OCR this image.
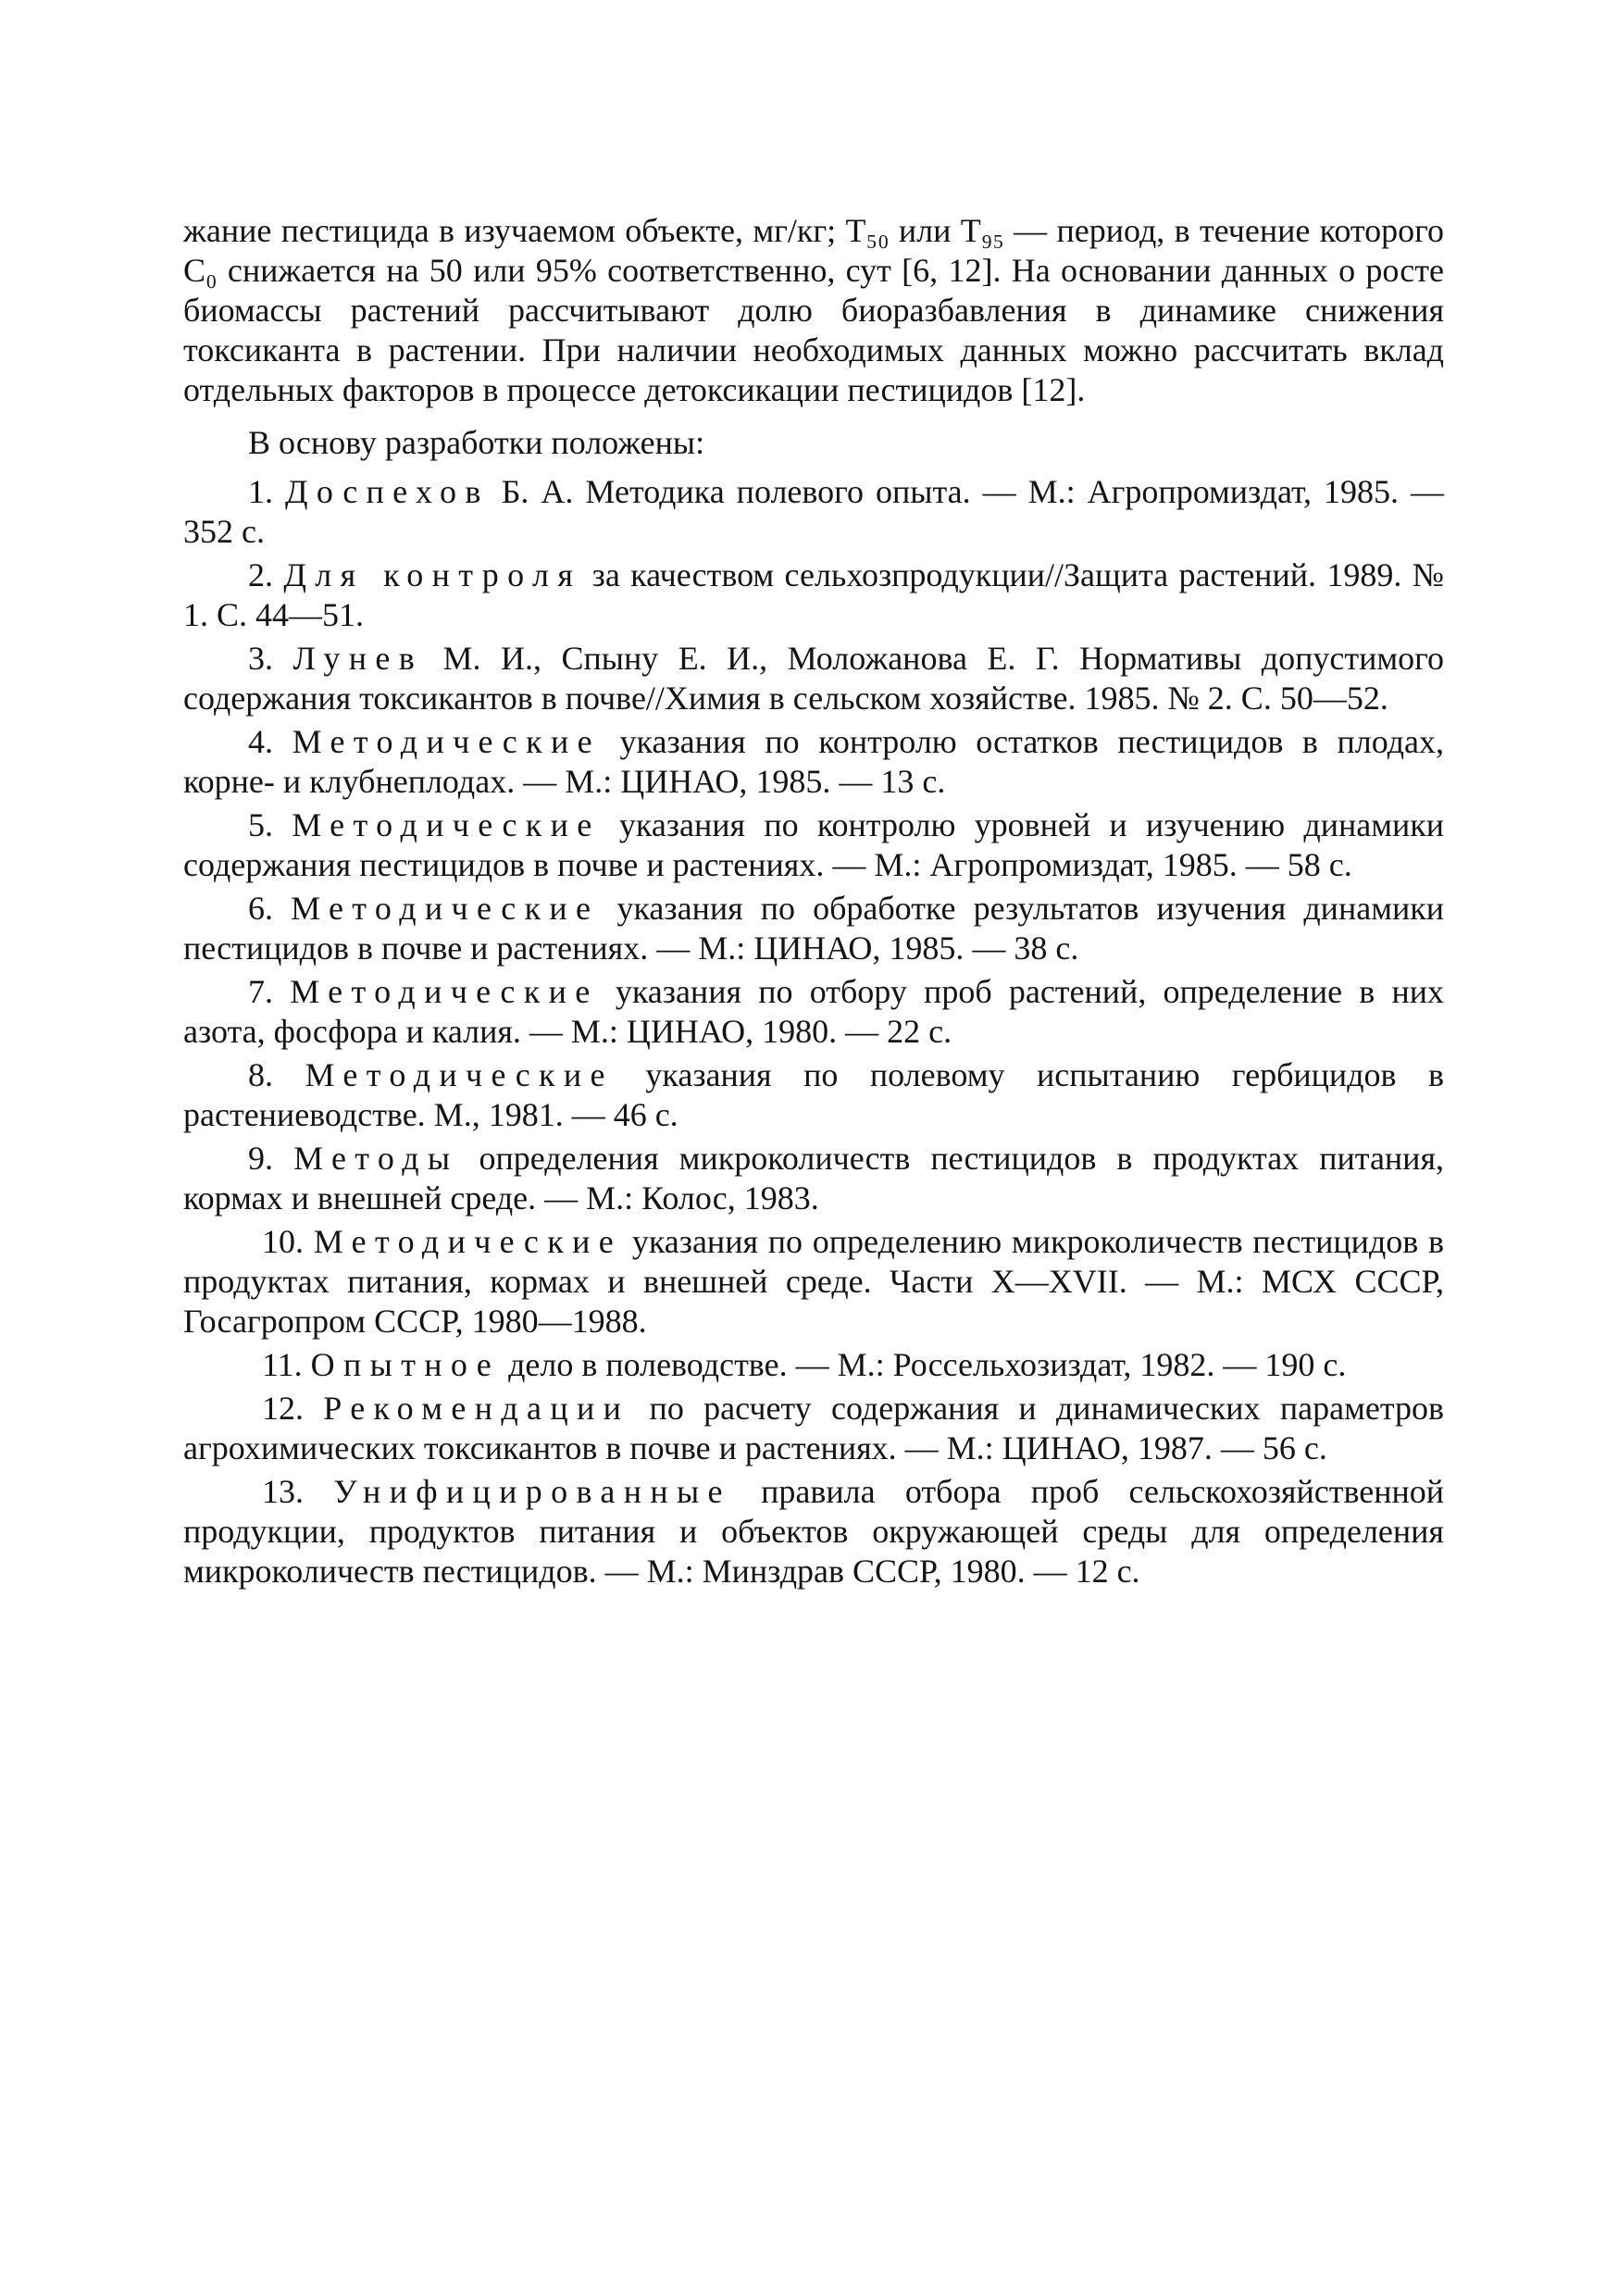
жание пестицида в изучаемом объекте, мг/кг; T₅₀ или T₉₅ — период, в течение которого C₀ снижается на 50 или 95% соответственно, сут [6, 12]. На основании данных о росте биомассы растений рассчитывают долю биоразбавления в динамике снижения токсиканта в растении. При наличии необходимых данных можно рассчитать вклад отдельных факторов в процессе детоксикации пестицидов [12].

В основу разработки положены:

1. Доспехов Б. А. Методика полевого опыта. — М.: Агропромиздат, 1985. — 352 с.

2. Для контроля за качеством сельхозпродукции//Защита растений. 1989. № 1. С. 44—51.

3. Лунев М. И., Спыну Е. И., Моложанова Е. Г. Нормативы допустимого содержания токсикантов в почве//Химия в сельском хозяйстве. 1985. № 2. С. 50—52.

4. Методические указания по контролю остатков пестицидов в плодах, корне- и клубнеплодах. — М.: ЦИНАО, 1985. — 13 с.

5. Методические указания по контролю уровней и изучению динамики содержания пестицидов в почве и растениях. — М.: Агропромиздат, 1985. — 58 с.

6. Методические указания по обработке результатов изучения динамики пестицидов в почве и растениях. — М.: ЦИНАО, 1985. — 38 с.

7. Методические указания по отбору проб растений, определение в них азота, фосфора и калия. — М.: ЦИНАО, 1980. — 22 с.

8. Методические указания по полевому испытанию гербицидов в растениеводстве. М., 1981. — 46 с.

9. Методы определения микроколичеств пестицидов в продуктах питания, кормах и внешней среде. — М.: Колос, 1983.

10. Методические указания по определению микроколичеств пестицидов в продуктах питания, кормах и внешней среде. Части X—XVII. — М.: МСХ СССР, Госагропром СССР, 1980—1988.

11. Опытное дело в полеводстве. — М.: Россельхозиздат, 1982. — 190 с.

12. Рекомендации по расчету содержания и динамических параметров агрохимических токсикантов в почве и растениях. — М.: ЦИНАО, 1987. — 56 с.

13. Унифицированные правила отбора проб сельскохозяйственной продукции, продуктов питания и объектов окружающей среды для определения микроколичеств пестицидов. — М.: Минздрав СССР, 1980. — 12 с.
